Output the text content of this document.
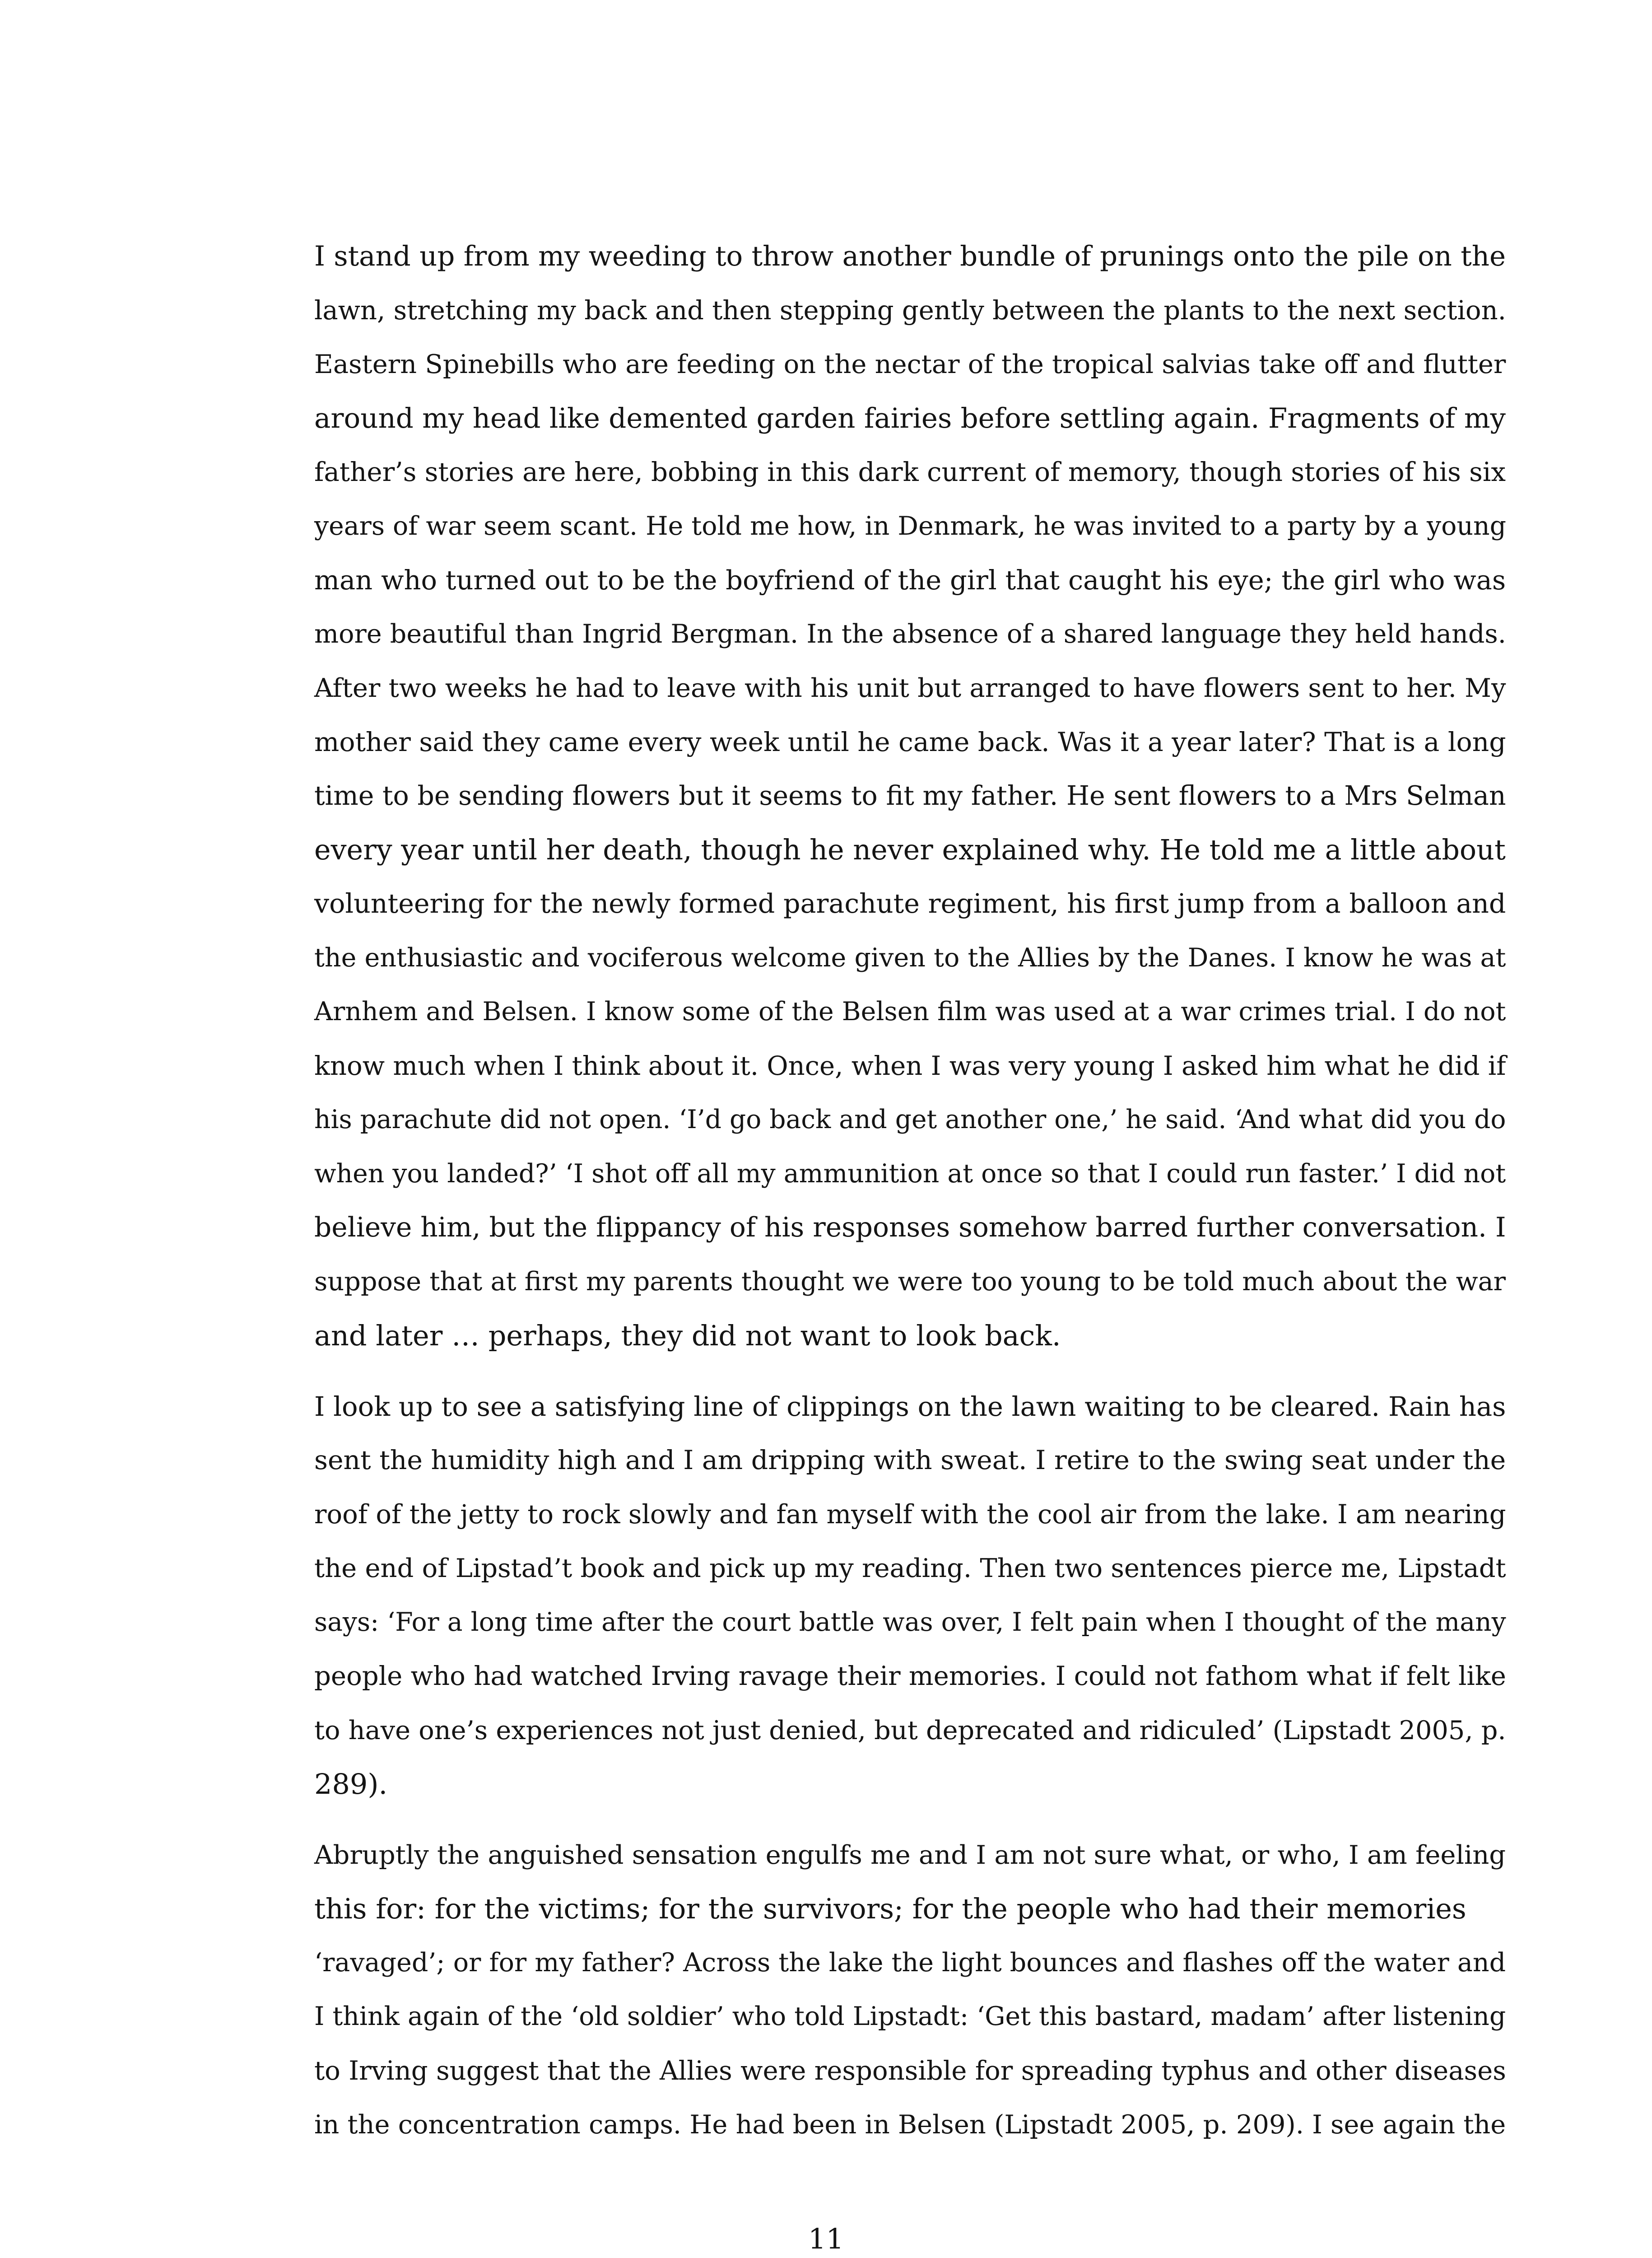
I stand up from my weeding to throw another bundle of prunings onto the pile on the
lawn, stretching my back and then stepping gently between the plants to the next section.
Eastern Spinebills who are feeding on the nectar of the tropical salvias take off and flutter
around my head like demented garden fairies before settling again. Fragments of my
father’s stories are here, bobbing in this dark current of memory, though stories of his six
years of war seem scant. He told me how, in Denmark, he was invited to a party by a young
man who turned out to be the boyfriend of the girl that caught his eye; the girl who was
more beautiful than Ingrid Bergman. In the absence of a shared language they held hands.
After two weeks he had to leave with his unit but arranged to have flowers sent to her. My
mother said they came every week until he came back. Was it a year later? That is a long
time to be sending flowers but it seems to fit my father. He sent flowers to a Mrs Selman
every year until her death, though he never explained why. He told me a little about
volunteering for the newly formed parachute regiment, his first jump from a balloon and
the enthusiastic and vociferous welcome given to the Allies by the Danes. I know he was at
Arnhem and Belsen. I know some of the Belsen film was used at a war crimes trial. I do not
know much when I think about it. Once, when I was very young I asked him what he did if
his parachute did not open. ‘I’d go back and get another one,’ he said. ‘And what did you do
when you landed?’ ‘I shot off all my ammunition at once so that I could run faster.’ I did not
believe him, but the flippancy of his responses somehow barred further conversation. I
suppose that at first my parents thought we were too young to be told much about the war
and later … perhaps, they did not want to look back.

I look up to see a satisfying line of clippings on the lawn waiting to be cleared. Rain has
sent the humidity high and I am dripping with sweat. I retire to the swing seat under the
roof of the jetty to rock slowly and fan myself with the cool air from the lake. I am nearing
the end of Lipstad’t book and pick up my reading. Then two sentences pierce me, Lipstadt
says: ‘For a long time after the court battle was over, I felt pain when I thought of the many
people who had watched Irving ravage their memories. I could not fathom what if felt like
to have one’s experiences not just denied, but deprecated and ridiculed’ (Lipstadt 2005, p.
289).

Abruptly the anguished sensation engulfs me and I am not sure what, or who, I am feeling
this for: for the victims; for the survivors; for the people who had their memories
‘ravaged’; or for my father? Across the lake the light bounces and flashes off the water and
I think again of the ‘old soldier’ who told Lipstadt: ‘Get this bastard, madam’ after listening
to Irving suggest that the Allies were responsible for spreading typhus and other diseases
in the concentration camps. He had been in Belsen (Lipstadt 2005, p. 209). I see again the

11
